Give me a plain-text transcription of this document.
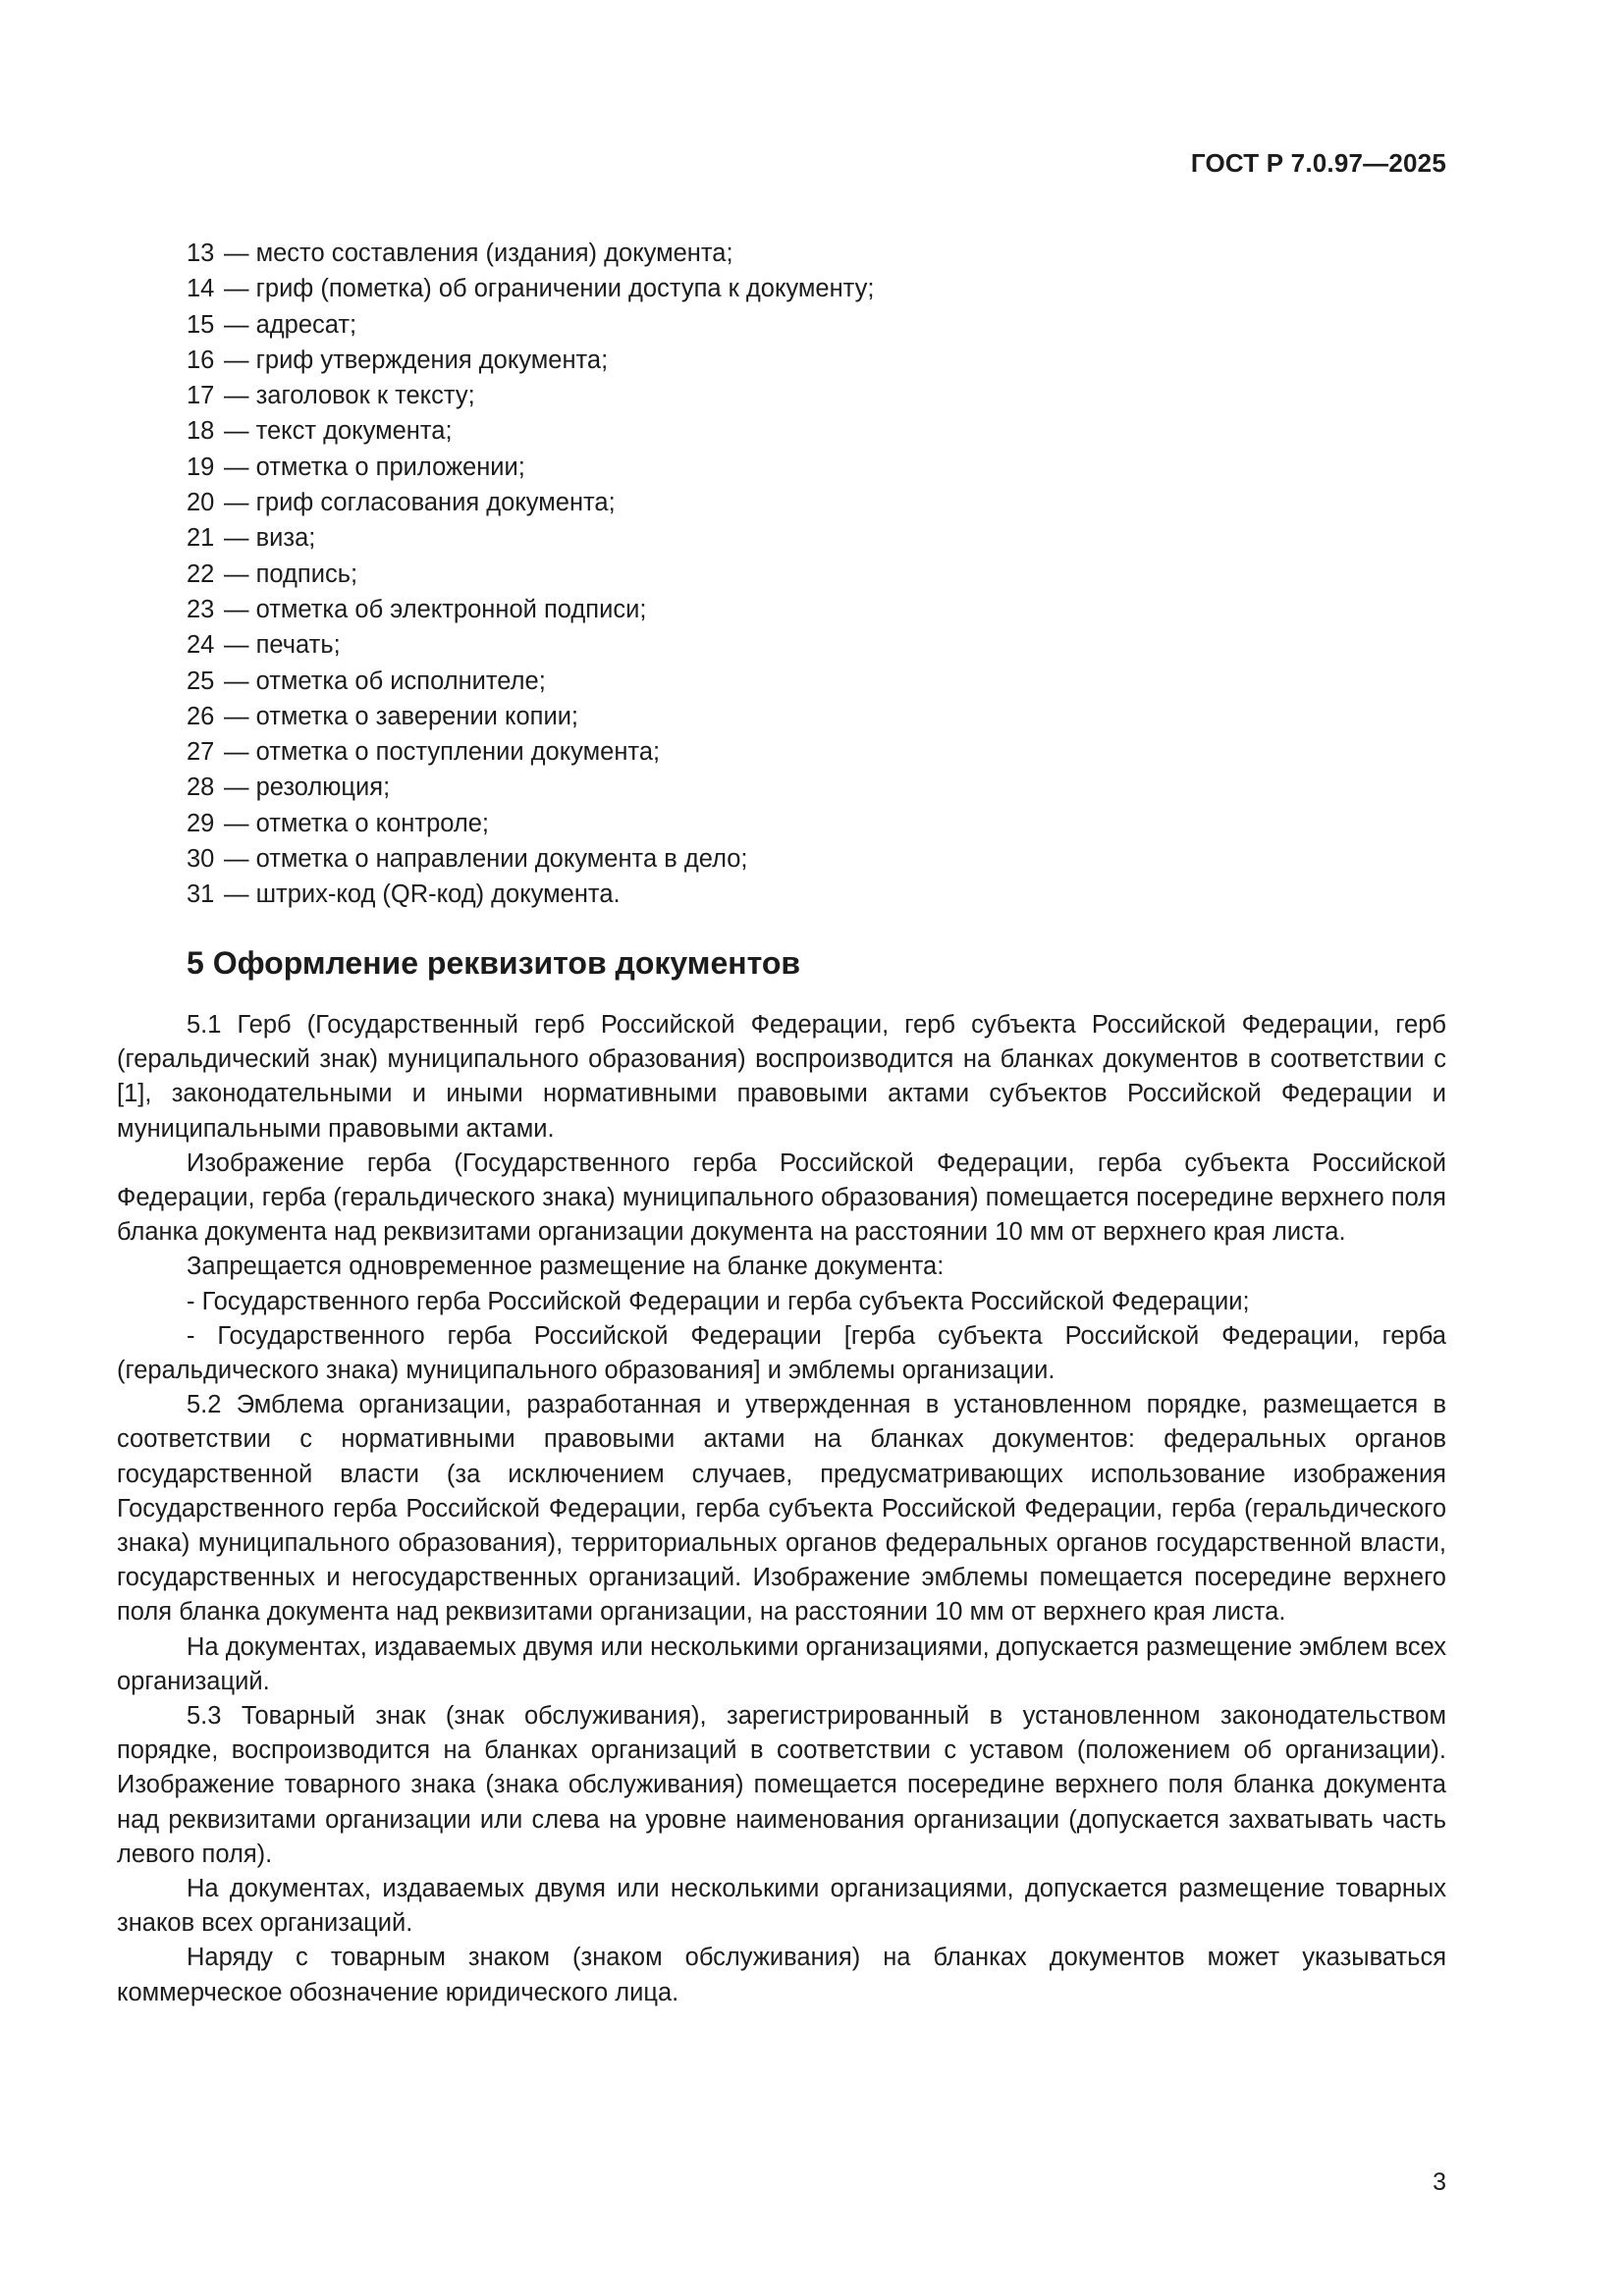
ГОСТ Р 7.0.97—2025
13 — место составления (издания) документа;
14 — гриф (пометка) об ограничении доступа к документу;
15 — адресат;
16 — гриф утверждения документа;
17 — заголовок к тексту;
18 — текст документа;
19 — отметка о приложении;
20 — гриф согласования документа;
21 — виза;
22 — подпись;
23 — отметка об электронной подписи;
24 — печать;
25 — отметка об исполнителе;
26 — отметка о заверении копии;
27 — отметка о поступлении документа;
28 — резолюция;
29 — отметка о контроле;
30 — отметка о направлении документа в дело;
31 — штрих-код (QR-код) документа.
5 Оформление реквизитов документов

5.1 Герб (Государственный герб Российской Федерации, герб субъекта Российской Федерации, герб (геральдический знак) муниципального образования) воспроизводится на бланках документов в соответствии с [1], законодательными и иными нормативными правовыми актами субъектов Российской Федерации и муниципальными правовыми актами.

Изображение герба (Государственного герба Российской Федерации, герба субъекта Российской Федерации, герба (геральдического знака) муниципального образования) помещается посередине верхнего поля бланка документа над реквизитами организации документа на расстоянии 10 мм от верхнего края листа.

Запрещается одновременное размещение на бланке документа:

- Государственного герба Российской Федерации и герба субъекта Российской Федерации;

- Государственного герба Российской Федерации [герба субъекта Российской Федерации, герба (геральдического знака) муниципального образования] и эмблемы организации.

5.2 Эмблема организации, разработанная и утвержденная в установленном порядке, размещается в соответствии с нормативными правовыми актами на бланках документов: федеральных органов государственной власти (за исключением случаев, предусматривающих использование изображения Государственного герба Российской Федерации, герба субъекта Российской Федерации, герба (геральдического знака) муниципального образования), территориальных органов федеральных органов государственной власти, государственных и негосударственных организаций. Изображение эмблемы помещается посередине верхнего поля бланка документа над реквизитами организации, на расстоянии 10 мм от верхнего края листа.

На документах, издаваемых двумя или несколькими организациями, допускается размещение эмблем всех организаций.

5.3 Товарный знак (знак обслуживания), зарегистрированный в установленном законодательством порядке, воспроизводится на бланках организаций в соответствии с уставом (положением об организации). Изображение товарного знака (знака обслуживания) помещается посередине верхнего поля бланка документа над реквизитами организации или слева на уровне наименования организации (допускается захватывать часть левого поля).

На документах, издаваемых двумя или несколькими организациями, допускается размещение товарных знаков всех организаций.

Наряду с товарным знаком (знаком обслуживания) на бланках документов может указываться коммерческое обозначение юридического лица.

3
